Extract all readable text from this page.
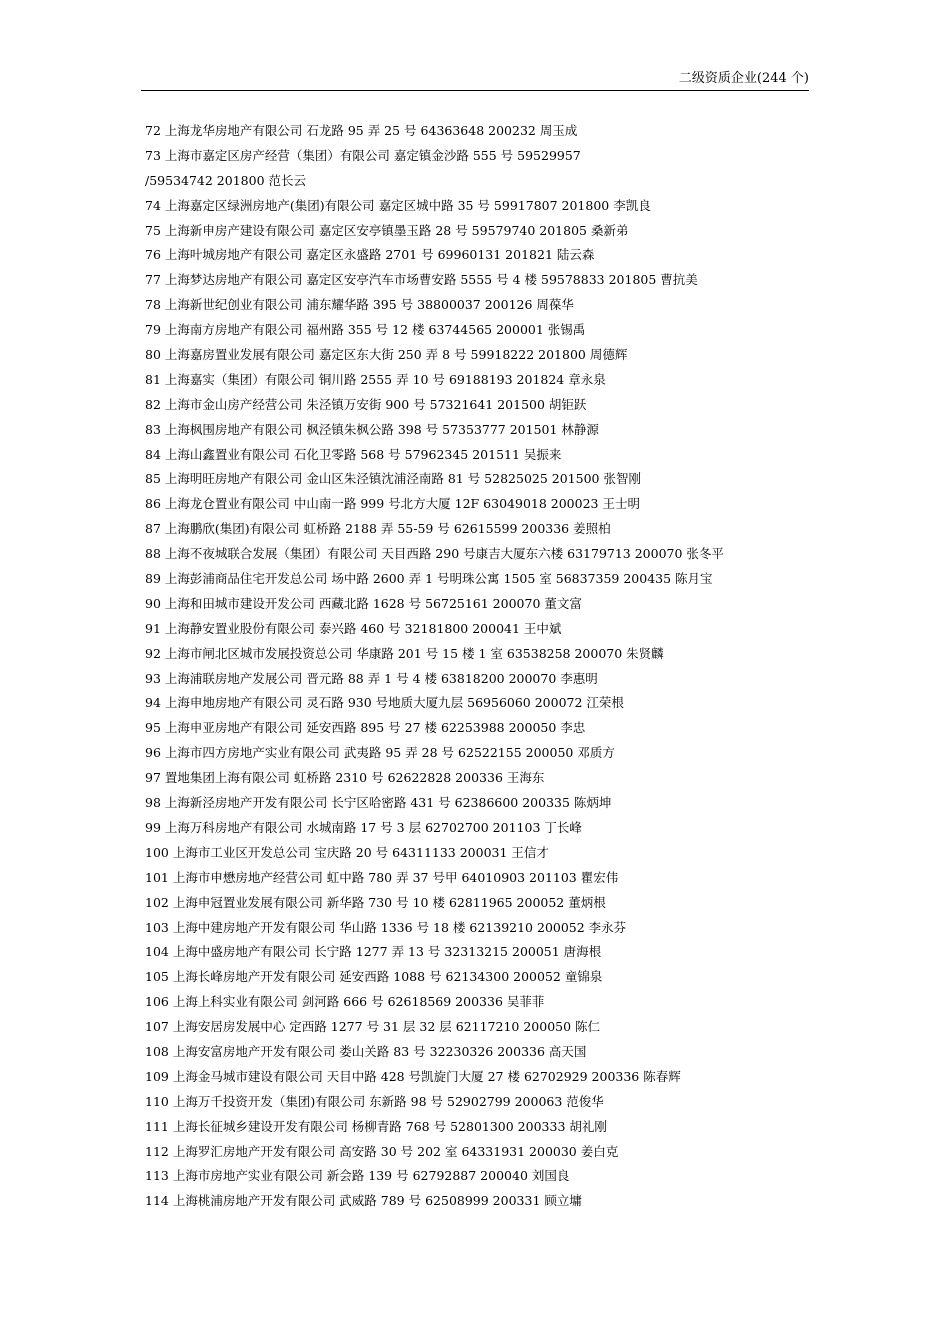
二级资质企业(244 个)
72 上海龙华房地产有限公司 石龙路 95 弄 25 号 64363648 200232 周玉成
73 上海市嘉定区房产经营（集团）有限公司 嘉定镇金沙路 555 号 59529957
/59534742 201800 范长云
74 上海嘉定区绿洲房地产(集团)有限公司 嘉定区城中路 35 号 59917807 201800 李凯良
75 上海新申房产建设有限公司 嘉定区安亭镇墨玉路 28 号 59579740 201805 桑新弟
76 上海叶城房地产有限公司 嘉定区永盛路 2701 号 69960131 201821 陆云森
77 上海梦达房地产有限公司 嘉定区安亭汽车市场曹安路 5555 号 4 楼 59578833 201805 曹抗美
78 上海新世纪创业有限公司 浦东耀华路 395 号 38800037 200126 周葆华
79 上海南方房地产有限公司 福州路 355 号 12 楼 63744565 200001 张锡禹
80 上海嘉房置业发展有限公司 嘉定区东大街 250 弄 8 号 59918222 201800 周德辉
81 上海嘉实（集团）有限公司 铜川路 2555 弄 10 号 69188193 201824 章永泉
82 上海市金山房产经营公司 朱泾镇万安街 900 号 57321641 201500 胡钜跃
83 上海枫围房地产有限公司 枫泾镇朱枫公路 398 号 57353777 201501 林静源
84 上海山鑫置业有限公司 石化卫零路 568 号 57962345 201511 吴振来
85 上海明旺房地产有限公司 金山区朱泾镇沈浦泾南路 81 号 52825025 201500 张智刚
86 上海龙仓置业有限公司 中山南一路 999 号北方大厦 12F 63049018 200023 王士明
87 上海鹏欣(集团)有限公司 虹桥路 2188 弄 55-59 号 62615599 200336 姜照柏
88 上海不夜城联合发展（集团）有限公司 天目西路 290 号康吉大厦东六楼 63179713 200070 张冬平
89 上海彭浦商品住宅开发总公司 场中路 2600 弄 1 号明珠公寓 1505 室 56837359 200435 陈月宝
90 上海和田城市建设开发公司 西藏北路 1628 号 56725161 200070 董文富
91 上海静安置业股份有限公司 泰兴路 460 号 32181800 200041 王中斌
92 上海市闸北区城市发展投资总公司 华康路 201 号 15 楼 1 室 63538258 200070 朱贤麟
93 上海浦联房地产发展公司 晋元路 88 弄 1 号 4 楼 63818200 200070 李惠明
94 上海申地房地产有限公司 灵石路 930 号地质大厦九层 56956060 200072 江荣根
95 上海申亚房地产有限公司 延安西路 895 号 27 楼 62253988 200050 李忠
96 上海市四方房地产实业有限公司 武夷路 95 弄 28 号 62522155 200050 邓质方
97 置地集团上海有限公司 虹桥路 2310 号 62622828 200336 王海东
98 上海新泾房地产开发有限公司 长宁区哈密路 431 号 62386600 200335 陈炳坤
99 上海万科房地产有限公司 水城南路 17 号 3 层 62702700 201103 丁长峰
100 上海市工业区开发总公司 宝庆路 20 号 64311133 200031 王信才
101 上海市申懋房地产经营公司 虹中路 780 弄 37 号甲 64010903 201103 瞿宏伟
102 上海申冠置业发展有限公司 新华路 730 号 10 楼 62811965 200052 董炳根
103 上海中建房地产开发有限公司 华山路 1336 号 18 楼 62139210 200052 李永芬
104 上海中盛房地产有限公司 长宁路 1277 弄 13 号 32313215 200051 唐海根
105 上海长峰房地产开发有限公司 延安西路 1088 号 62134300 200052 童锦泉
106 上海上科实业有限公司 剑河路 666 号 62618569 200336 吴菲菲
107 上海安居房发展中心 定西路 1277 号 31 层 32 层 62117210 200050 陈仁
108 上海安富房地产开发有限公司 娄山关路 83 号 32230326 200336 高天国
109 上海金马城市建设有限公司 天目中路 428 号凯旋门大厦 27 楼 62702929 200336 陈春辉
110 上海万千投资开发（集团)有限公司 东新路 98 号 52902799 200063 范俊华
111 上海长征城乡建设开发有限公司 杨柳青路 768 号 52801300 200333 胡礼刚
112 上海罗汇房地产开发有限公司 高安路 30 号 202 室 64331931 200030 姜白克
113 上海市房地产实业有限公司 新会路 139 号 62792887 200040 刘国良
114 上海桃浦房地产开发有限公司 武威路 789 号 62508999 200331 顾立墉
